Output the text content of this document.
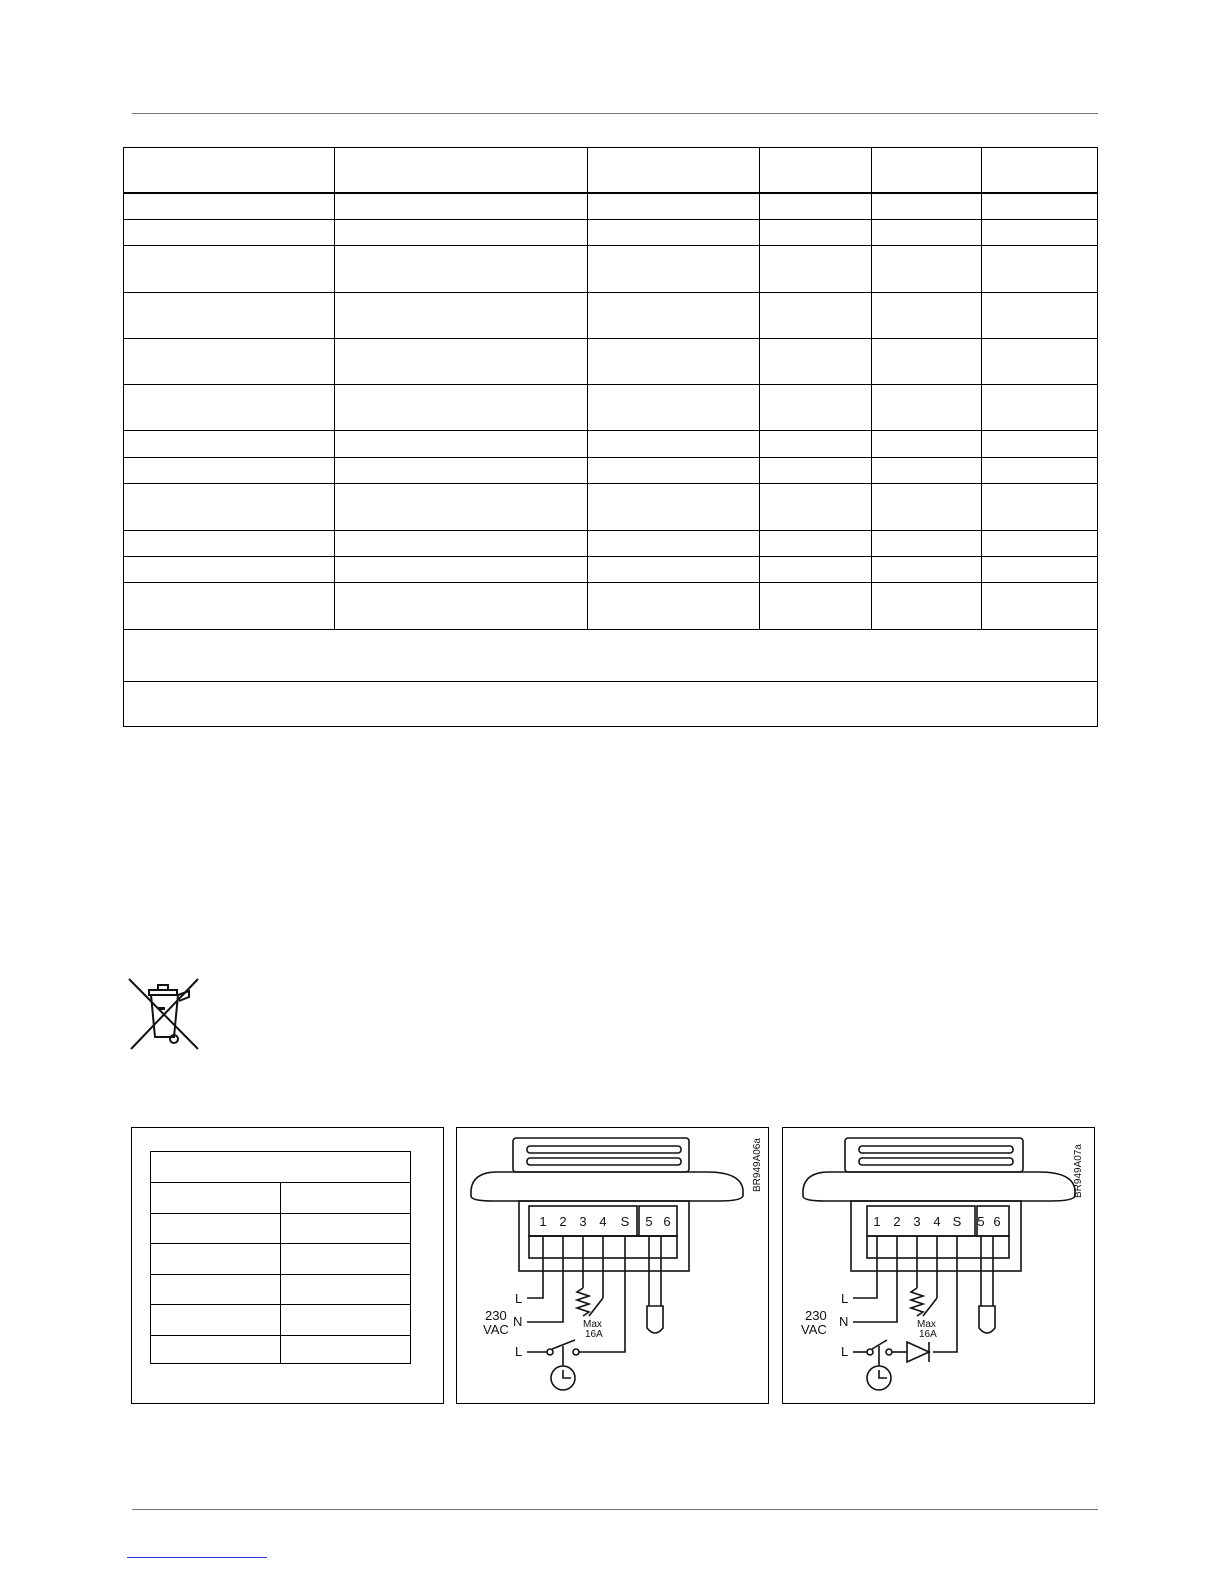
1 2 3 4 S 5 6
L
N
L
230
VAC	Max
16A
BR949A06a
1 2 3 4 S 5 6
L
N
L
230
VAC	Max
16A
BR949A07a
